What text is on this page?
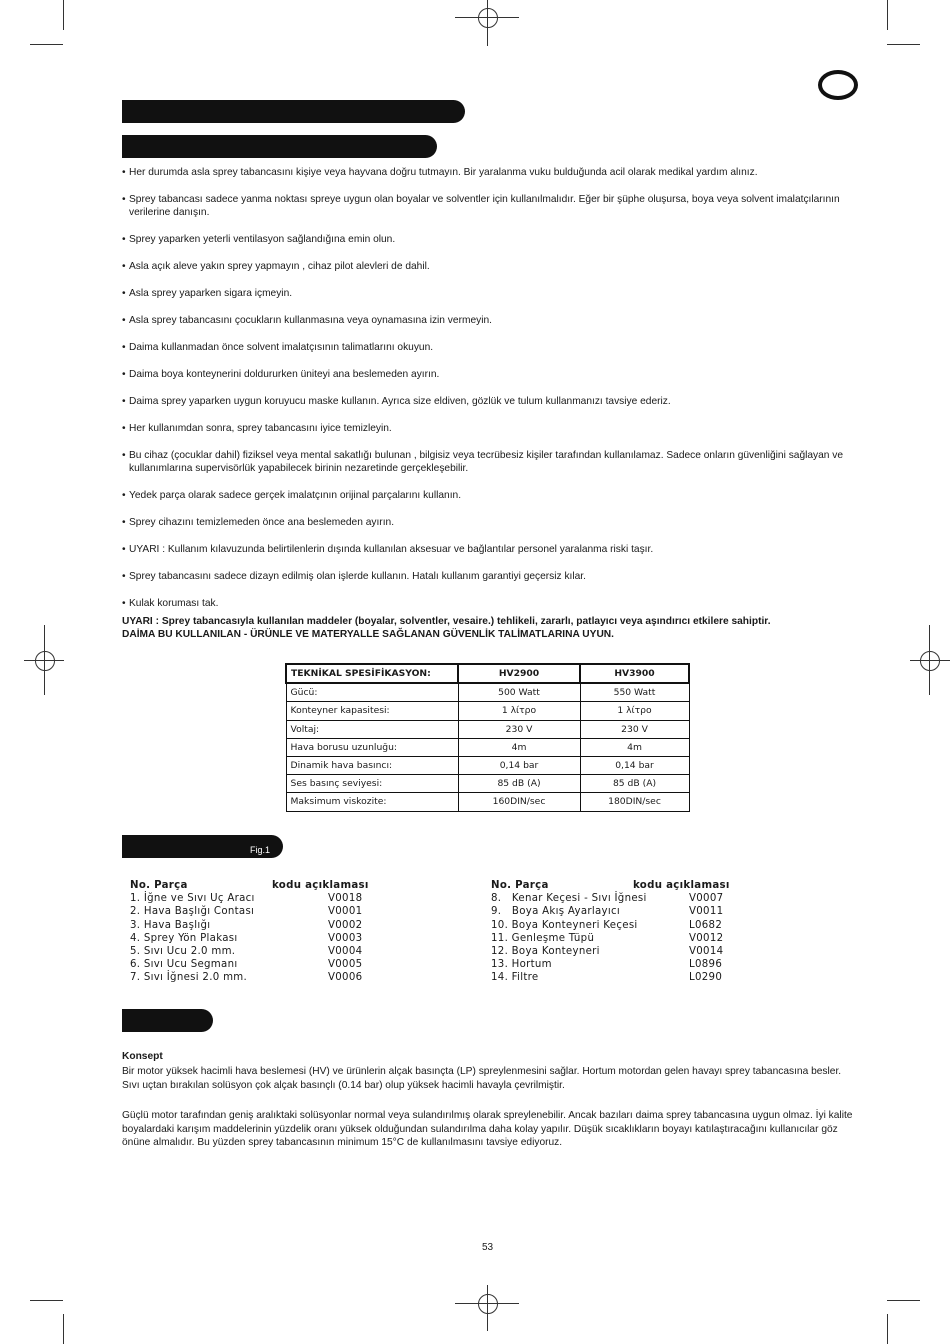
• Her durumda asla sprey tabancasını kişiye veya hayvana doğru tutmayın. Bir yaralanma vuku bulduğunda acil olarak medikal yardım alınız.

• Sprey tabancası sadece yanma noktası spreye uygun olan boyalar ve solventler için kullanılmalıdır. Eğer bir şüphe oluşursa, boya veya solvent imalatçılarının verilerine danışın.

• Sprey yaparken yeterli ventilasyon sağlandığına emin olun.

• Asla açık aleve yakın sprey yapmayın , cihaz pilot alevleri de dahil.

• Asla sprey yaparken sigara içmeyin.

• Asla sprey tabancasını çocukların kullanmasına veya oynamasına izin vermeyin.

• Daima kullanmadan önce solvent imalatçısının talimatlarını okuyun.

• Daima boya konteynerini doldururken üniteyi ana beslemeden ayırın.

• Daima sprey yaparken uygun koruyucu maske kullanın. Ayrıca size eldiven, gözlük ve tulum kullanmanızı tavsiye ederiz.

• Her kullanımdan sonra, sprey tabancasını iyice temizleyin.

• Bu cihaz (çocuklar dahil) fiziksel veya mental sakatlığı bulunan , bilgisiz veya tecrübesiz kişiler tarafından kullanılamaz. Sadece onların güvenliğini sağlayan ve kullanımlarına supervisörlük yapabilecek birinin nezaretinde gerçekleşebilir.

• Yedek parça olarak sadece gerçek imalatçının orijinal parçalarını kullanın.

• Sprey cihazını temizlemeden önce ana beslemeden ayırın.

• UYARI : Kullanım kılavuzunda belirtilenlerin dışında kullanılan aksesuar ve bağlantılar personel yaralanma riski taşır.

• Sprey tabancasını sadece dizayn edilmiş olan işlerde kullanın. Hatalı kullanım garantiyi geçersiz kılar.

• Kulak koruması tak.

UYARI : Sprey tabancasıyla kullanılan maddeler (boyalar, solventler, vesaire.) tehlikeli, zararlı, patlayıcı veya aşındırıcı etkilere sahiptir.
DAİMA BU KULLANILAN - ÜRÜNLE VE MATERYALLE SAĞLANAN GÜVENLİK TALİMATLARINA UYUN.
TEKNİKAL SPESİFİKASYON:	HV2900	HV3900
Gücü:	500 Watt	550 Watt
Konteyner kapasitesi:	1 λίτρο	1 λίτρο
Voltaj:	230 V	230 V
Hava borusu uzunluğu:	4m	4m
Dinamik hava basıncı:	0,14 bar	0,14 bar
Ses basınç seviyesi:	85 dB (A)	85 dB (A)
Maksimum viskozite:	160DIN/sec	180DIN/sec
Fig.1
No. Parça	kodu açıklaması
1. İğne ve Sıvı Uç Aracı	V0018
2. Hava Başlığı Contası	V0001
3. Hava Başlığı	V0002
4. Sprey Yön Plakası	V0003
5. Sıvı Ucu 2.0 mm.	V0004
6. Sıvı Ucu Segmanı	V0005
7. Sıvı İğnesi 2.0 mm.	V0006
No. Parça	kodu açıklaması
8.   Kenar Keçesi - Sıvı İğnesi	V0007
9.   Boya Akış Ayarlayıcı	V0011
10. Boya Konteyneri Keçesi	L0682
11. Genleşme Tüpü	V0012
12. Boya Konteyneri	V0014
13. Hortum	L0896
14. Filtre	L0290
Konsept
Bir motor yüksek hacimli hava beslemesi (HV) ve ürünlerin alçak basınçta (LP) spreylenmesini sağlar. Hortum motordan gelen havayı sprey tabancasına besler. Sıvı uçtan bırakılan solüsyon çok alçak basınçlı (0.14 bar) olup yüksek hacimli havayla çevrilmiştir.
Güçlü motor tarafından geniş aralıktaki solüsyonlar normal veya sulandırılmış olarak spreylenebilir. Ancak bazıları daima sprey tabancasına uygun olmaz. İyi kalite boyalardaki karışım maddelerinin yüzdelik oranı yüksek olduğundan sulandırılma daha kolay yapılır. Düşük sıcaklıkların boyayı katılaştıracağını kullanıcılar göz önüne almalıdır. Bu yüzden sprey tabancasının minimum 15°C de kullanılmasını tavsiye ediyoruz.
53
